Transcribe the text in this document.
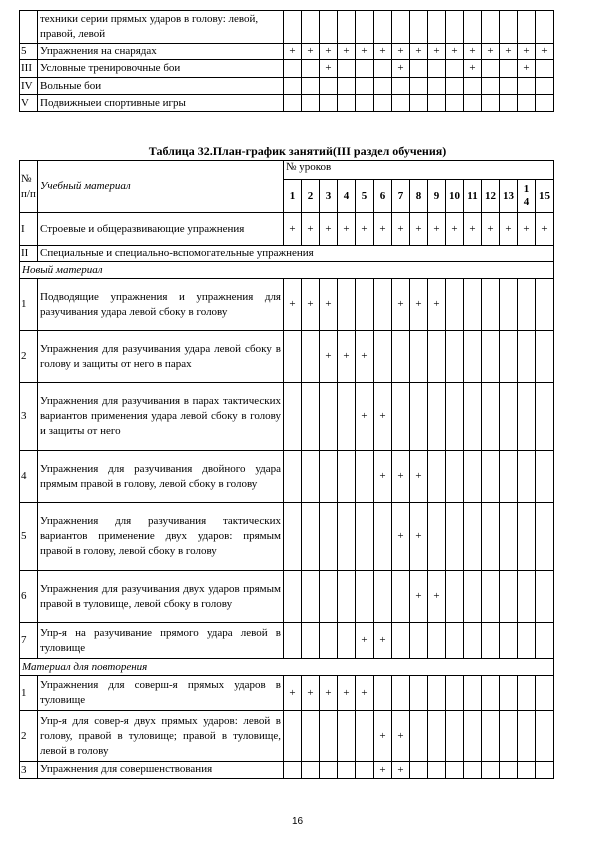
	техники серии прямых ударов в голову: левой, правой, левой															
5	Упражнения на снарядах	+	+	+	+	+	+	+	+	+	+	+	+	+	+	+
III	Условные тренировочные бои			+				+				+			+	
IV	Вольные бои															
V	Подвижныеи спортивные игры															
Таблица 32.План-график занятий(III раздел обучения)
№ п/п	Учебный материал	№ уроков														
		1	2	3	4	5	6	7	8	9	10	11	12	13	14	15
I	Строевые и общеразвивающие упражнения	+	+	+	+	+	+	+	+	+	+	+	+	+	+	+
II	Специальные и специально-вспомогательные упражнения															
Новый материал																
1	Подводящие упражнения и упражнения для разучивания удара левой сбоку в голову	+	+	+				+	+	+						
2	Упражнения для разучивания удара левой сбоку в голову и защиты от него в парах			+	+	+										
3	Упражнения для разучивания в парах тактических вариантов применения удара левой сбоку в голову и защиты от него					+	+									
4	Упражнения для разучивания двойного удара прямым правой в голову, левой сбоку в голову						+	+	+							
5	Упражнения для разучивания тактических вариантов применение двух ударов: прямым правой в голову, левой сбоку в голову							+	+							
6	Упражнения для разучивания двух ударов прямым правой в туловище, левой сбоку в голову								+	+						
7	Упр-я на разучивание прямого удара левой в туловище					+	+									
Материал для повторения																
1	Упражнения для соверш-я прямых ударов в туловище	+	+	+	+	+										
2	Упр-я для совер-я двух прямых ударов: левой в голову, правой в туловище; правой в туловище, левой в голову						+	+								
3	Упражнения для совершенствования						+	+								
16
